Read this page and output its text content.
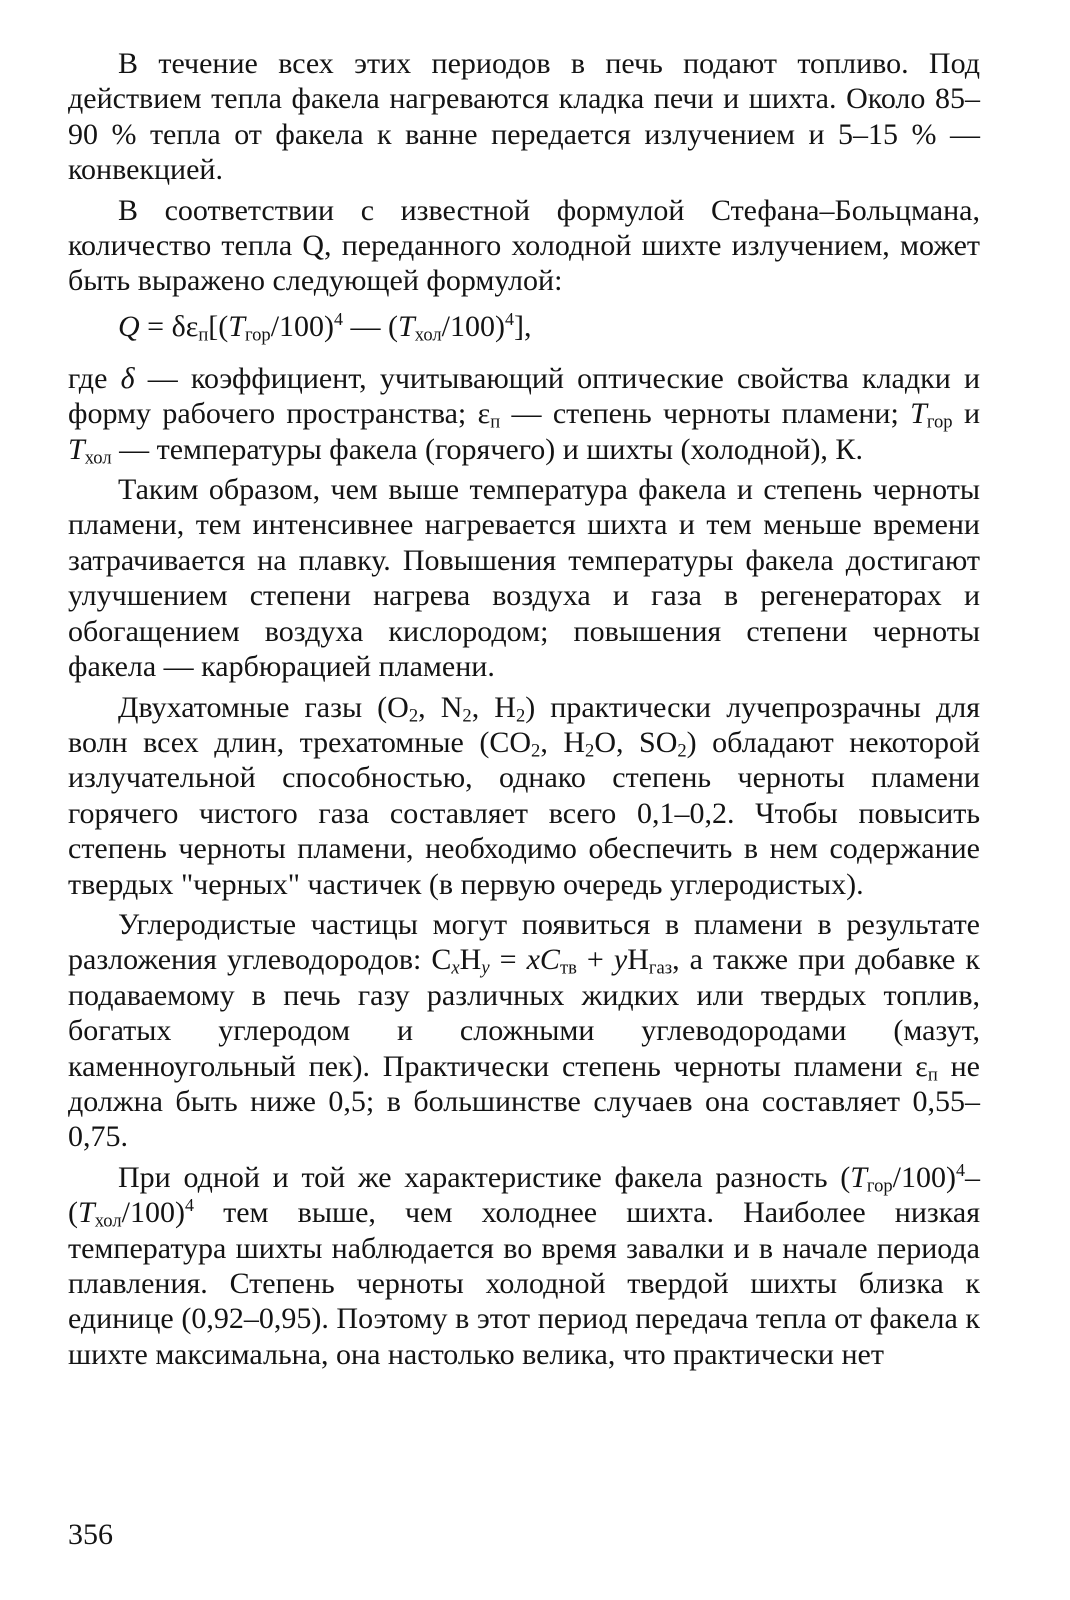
В течение всех этих периодов в печь подают топливо. Под действием тепла факела нагреваются кладка печи и шихта. Около 85–90 % тепла от факела к ванне передается излучением и 5–15 % — конвекцией.

В соответствии с известной формулой Стефана–Больцмана, количество тепла Q, переданного холодной шихте излучением, может быть выражено следующей формулой:

$Q = \delta\varepsilon_п[(T_{гор}/100)^4$ — $(T_{хол}/100)^4$],

где δ — коэффициент, учитывающий оптические свойства кладки и форму рабочего пространства; $\varepsilon_п$ — степень черноты пламени; $T_{гор}$ и $T_{хол}$ — температуры факела (горячего) и шихты (холодной), К.

Таким образом, чем выше температура факела и степень черноты пламени, тем интенсивнее нагревается шихта и тем меньше времени затрачивается на плавку. Повышения температуры факела достигают улучшением степени нагрева воздуха и газа в регенераторах и обогащением воздуха кислородом; повышения степени черноты факела — карбюрацией пламени.

Двухатомные газы ($O_2$, $N_2$, $H_2$) практически лучепрозрачны для волн всех длин, трехатомные ($CO_2$, $H_2O$, $SO_2$) обладают некоторой излучательной способностью, однако степень черноты пламени горячего чистого газа составляет всего 0,1–0,2. Чтобы повысить степень черноты пламени, необходимо обеспечить в нем содержание твердых "черных" частичек (в первую очередь углеродистых).

Углеродистые частицы могут появиться в пламени в результате разложения углеводородов: $C_xH_y = xC_{тв} + yH_{газ}$, а также при добавке к подаваемому в печь газу различных жидких или твердых топлив, богатых углеродом и сложными углеводородами (мазут, каменноугольный пек). Практически степень черноты пламени $\varepsilon_п$ не должна быть ниже 0,5; в большинстве случаев она составляет 0,55–0,75.

При одной и той же характеристике факела разность $(T_{гор}/100)^4-(T_{хол}/100)^4$ тем выше, чем холоднее шихта. Наиболее низкая температура шихты наблюдается во время завалки и в начале периода плавления. Степень черноты холодной твердой шихты близка к единице (0,92–0,95). Поэтому в этот период передача тепла от факела к шихте максимальна, она настолько велика, что практически нет

356
